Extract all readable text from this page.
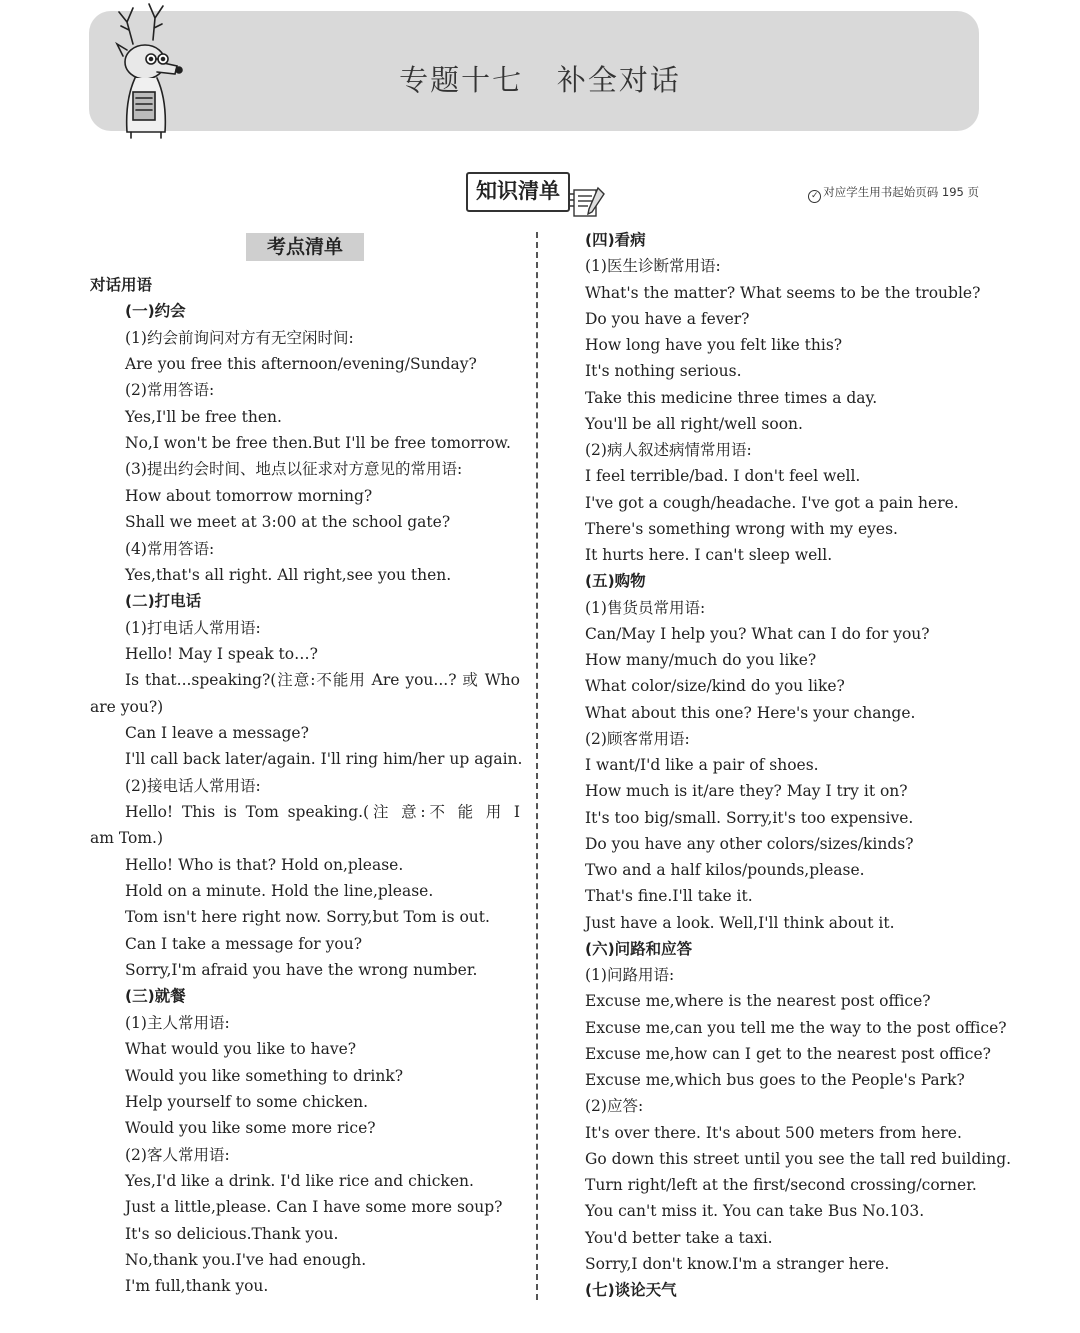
专题十七   补全对话
知识清单	✓ 对应学生用书起始页码 195 页
考点清单
对话用语
(一)约会
(1)约会前询问对方有无空闲时间:
Are you free this afternoon/evening/Sunday?
(2)常用答语:
Yes,I'll be free then.
No,I won't be free then.But I'll be free tomorrow.
(3)提出约会时间、地点以征求对方意见的常用语:
How about tomorrow morning?
Shall we meet at 3:00 at the school gate?
(4)常用答语:
Yes,that's all right. All right,see you then.
(二)打电话
(1)打电话人常用语:
Hello! May I speak to…?
Is that...speaking?(注意:不能用 Are you...? 或 Who
are you?)
Can I leave a message?
I'll call back later/again. I'll ring him/her up again.
(2)接电话人常用语:
Hello! This is Tom speaking.(注 意:不 能 用 I
am Tom.)
Hello! Who is that? Hold on,please.
Hold on a minute. Hold the line,please.
Tom isn't here right now. Sorry,but Tom is out.
Can I take a message for you?
Sorry,I'm afraid you have the wrong number.
(三)就餐
(1)主人常用语:
What would you like to have?
Would you like something to drink?
Help yourself to some chicken.
Would you like some more rice?
(2)客人常用语:
Yes,I'd like a drink. I'd like rice and chicken.
Just a little,please. Can I have some more soup?
It's so delicious.Thank you.
No,thank you.I've had enough.
I'm full,thank you.
(四)看病
(1)医生诊断常用语:
What's the matter? What seems to be the trouble?
Do you have a fever?
How long have you felt like this?
It's nothing serious.
Take this medicine three times a day.
You'll be all right/well soon.
(2)病人叙述病情常用语:
I feel terrible/bad. I don't feel well.
I've got a cough/headache. I've got a pain here.
There's something wrong with my eyes.
It hurts here. I can't sleep well.
(五)购物
(1)售货员常用语:
Can/May I help you? What can I do for you?
How many/much do you like?
What color/size/kind do you like?
What about this one? Here's your change.
(2)顾客常用语:
I want/I'd like a pair of shoes.
How much is it/are they? May I try it on?
It's too big/small. Sorry,it's too expensive.
Do you have any other colors/sizes/kinds?
Two and a half kilos/pounds,please.
That's fine.I'll take it.
Just have a look. Well,I'll think about it.
(六)问路和应答
(1)问路用语:
Excuse me,where is the nearest post office?
Excuse me,can you tell me the way to the post office?
Excuse me,how can I get to the nearest post office?
Excuse me,which bus goes to the People's Park?
(2)应答:
It's over there. It's about 500 meters from here.
Go down this street until you see the tall red building.
Turn right/left at the first/second crossing/corner.
You can't miss it. You can take Bus No.103.
You'd better take a taxi.
Sorry,I don't know.I'm a stranger here.
(七)谈论天气
